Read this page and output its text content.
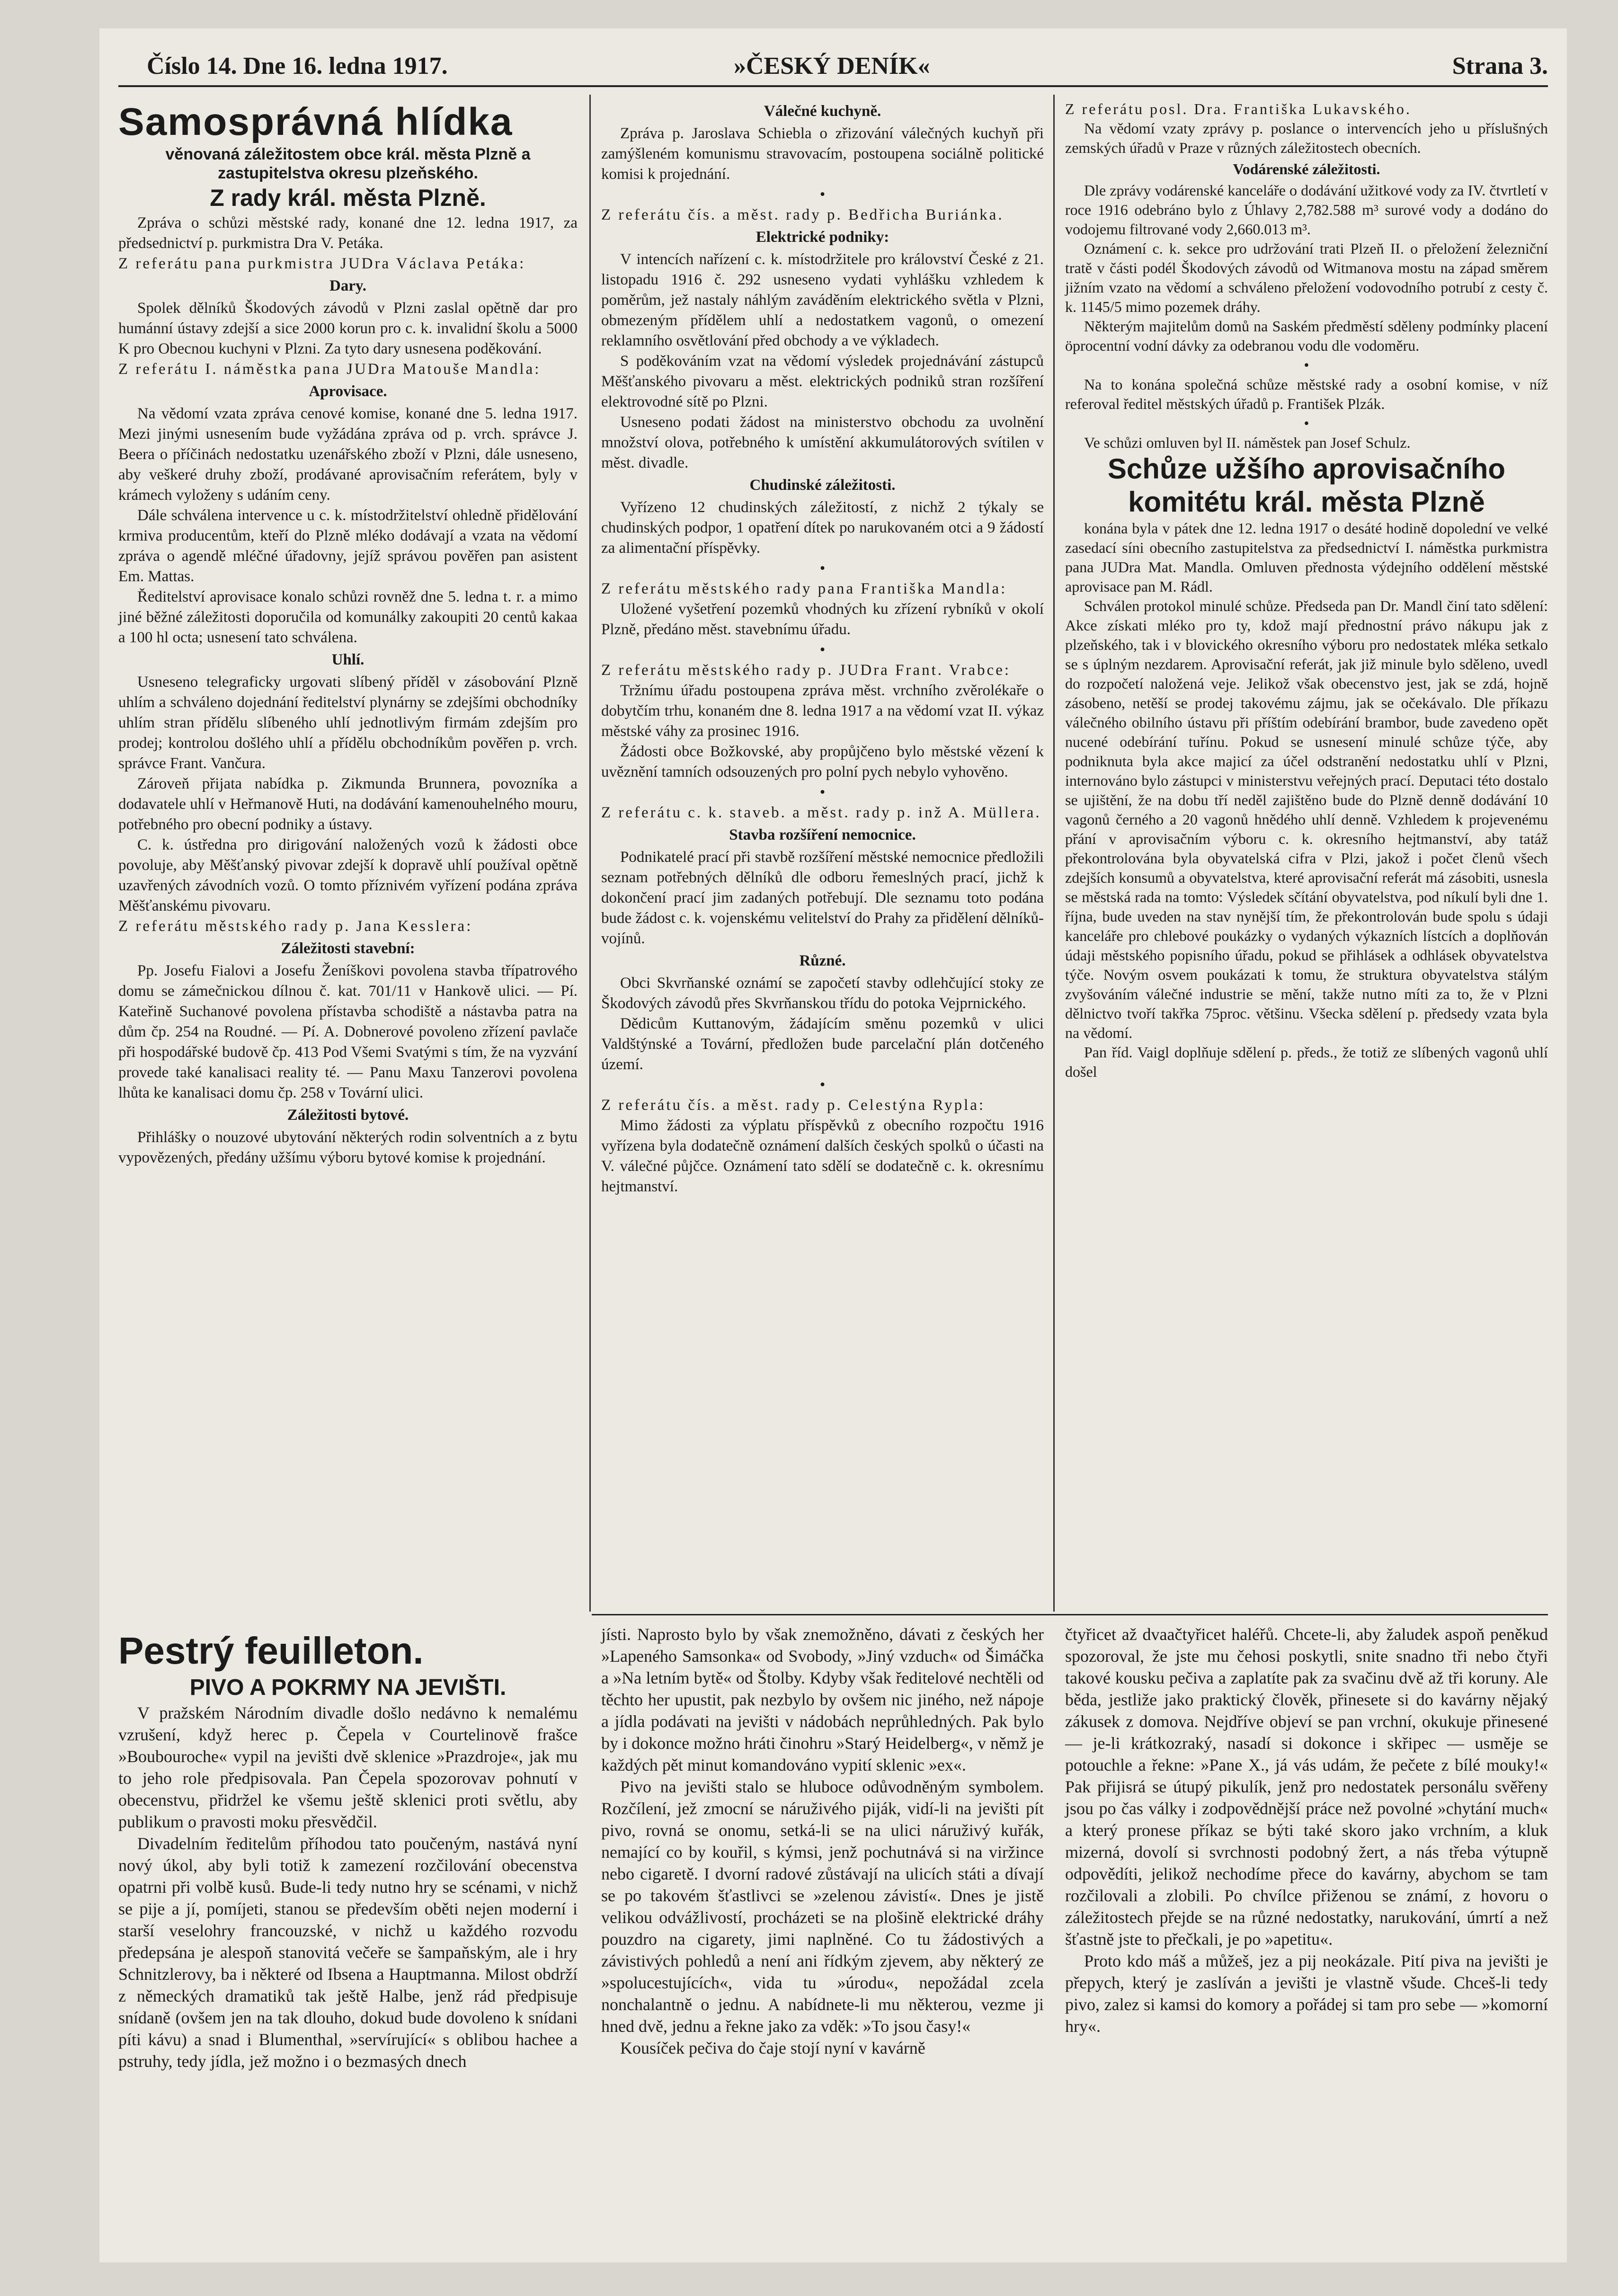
Číslo 14. Dne 16. ledna 1917.	»ČESKÝ DENÍK«	Strana 3.
Samosprávná hlídka
věnovaná záležitostem obce král. města Plzně a zastupitelstva okresu plzeňského.
Z rady král. města Plzně.

Zpráva o schůzi městské rady, konané dne 12. ledna 1917, za předsednictví p. purkmistra Dra V. Petáka.

Z referátu pana purkmistra JUDra Václava Petáka:

Dary.

Spolek dělníků Škodových závodů v Plzni zaslal opětně dar pro humánní ústavy zdejší a sice 2000 korun pro c. k. invalidní školu a 5000 K pro Obecnou kuchyni v Plzni. Za tyto dary usnesena poděkování.

Z referátu I. náměstka pana JUDra Matouše Mandla:

Aprovisace.

Na vědomí vzata zpráva cenové komise, konané dne 5. ledna 1917. Mezi jinými usnesením bude vyžádána zpráva od p. vrch. správce J. Beera o příčinách nedostatku uzenářského zboží v Plzni, dále usneseno, aby veškeré druhy zboží, prodávané aprovisačním referátem, byly v krámech vyloženy s udáním ceny.

Dále schválena intervence u c. k. místodržitelství ohledně přidělování krmiva producentům, kteří do Plzně mléko dodávají a vzata na vědomí zpráva o agendě mléčné úřadovny, jejíž správou pověřen pan asistent Em. Mattas.

Ředitelství aprovisace konalo schůzi rovněž dne 5. ledna t. r. a mimo jiné běžné záležitosti doporučila od komunálky zakoupiti 20 centů kakaa a 100 hl octa; usnesení tato schválena.

Uhlí.

Usneseno telegraficky urgovati slíbený příděl v zásobování Plzně uhlím a schváleno dojednání ředitelství plynárny se zdejšími obchodníky uhlím stran přídělu slíbeného uhlí jednotlivým firmám zdejším pro prodej; kontrolou došlého uhlí a přídělu obchodníkům pověřen p. vrch. správce Frant. Vančura.

Zároveň přijata nabídka p. Zikmunda Brunnera, povozníka a dodavatele uhlí v Heřmanově Huti, na dodávání kamenouhelného mouru, potřebného pro obecní podniky a ústavy.

C. k. ústředna pro dirigování naložených vozů k žádosti obce povoluje, aby Měšťanský pivovar zdejší k dopravě uhlí používal opětně uzavřených závodních vozů. O tomto příznivém vyřízení podána zpráva Měšťanskému pivovaru.

Z referátu městského rady p. Jana Kesslera:

Záležitosti stavební:

Pp. Josefu Fialovi a Josefu Ženíškovi povolena stavba třípatrového domu se zámečnickou dílnou č. kat. 701/11 v Hankově ulici. — Pí. Kateřině Suchanové povolena přístavba schodiště a nástavba patra na dům čp. 254 na Roudné. — Pí. A. Dobnerové povoleno zřízení pavlače při hospodářské budově čp. 413 Pod Všemi Svatými s tím, že na vyzvání provede také kanalisaci reality té. — Panu Maxu Tanzerovi povolena lhůta ke kanalisaci domu čp. 258 v Tovární ulici.

Záležitosti bytové.

Přihlášky o nouzové ubytování některých rodin solventních a z bytu vypovězených, předány užšímu výboru bytové komise k projednání.

Válečné kuchyně.

Zpráva p. Jaroslava Schiebla o zřizování válečných kuchyň při zamýšleném komunismu stravovacím, postoupena sociálně politické komisi k projednání.

•

Z referátu čís. a měst. rady p. Bedřicha Buriánka.

Elektrické podniky:

V intencích nařízení c. k. místodržitele pro království České z 21. listopadu 1916 č. 292 usneseno vydati vyhlášku vzhledem k poměrům, jež nastaly náhlým zaváděním elektrického světla v Plzni, obmezeným přídělem uhlí a nedostatkem vagonů, o omezení reklamního osvětlování před obchody a ve výkladech.

S poděkováním vzat na vědomí výsledek projednávání zástupců Měšťanského pivovaru a měst. elektrických podniků stran rozšíření elektrovodné sítě po Plzni.

Usneseno podati žádost na ministerstvo obchodu za uvolnění množství olova, potřebného k umístění akkumulátorových svítilen v měst. divadle.

Chudinské záležitosti.

Vyřízeno 12 chudinských záležitostí, z nichž 2 týkaly se chudinských podpor, 1 opatření dítek po narukovaném otci a 9 žádostí za alimentační příspěvky.

•

Z referátu městského rady pana Františka Mandla:

Uložené vyšetření pozemků vhodných ku zřízení rybníků v okolí Plzně, předáno měst. stavebnímu úřadu.

•

Z referátu městského rady p. JUDra Frant. Vrabce:

Tržnímu úřadu postoupena zpráva měst. vrchního zvěrolékaře o dobytčím trhu, konaném dne 8. ledna 1917 a na vědomí vzat II. výkaz městské váhy za prosinec 1916.

Žádosti obce Božkovské, aby propůjčeno bylo městské vězení k uvěznění tamních odsouzených pro polní pych nebylo vyhověno.

•

Z referátu c. k. staveb. a měst. rady p. inž A. Müllera.

Stavba rozšíření nemocnice.

Podnikatelé prací při stavbě rozšíření městské nemocnice předložili seznam potřebných dělníků dle odboru řemeslných prací, jichž k dokončení prací jim zadaných potřebují. Dle seznamu toto podána bude žádost c. k. vojenskému velitelství do Prahy za přidělení dělníků-vojínů.

Různé.

Obci Skvrňanské oznámí se započetí stavby odlehčující stoky ze Škodových závodů přes Skvrňanskou třídu do potoka Vejprnického.

Dědicům Kuttanovým, žádajícím směnu pozemků v ulici Valdštýnské a Tovární, předložen bude parcelační plán dotčeného území.

•

Z referátu čís. a měst. rady p. Celestýna Rypla:

Mimo žádosti za výplatu příspěvků z obecního rozpočtu 1916 vyřízena byla dodatečně oznámení dalších českých spolků o účasti na V. válečné půjčce. Oznámení tato sdělí se dodatečně c. k. okresnímu hejtmanství.

Z referátu posl. Dra. Františka Lukavského.

Na vědomí vzaty zprávy p. poslance o intervencích jeho u příslušných zemských úřadů v Praze v různých záležitostech obecních.

Vodárenské záležitosti.

Dle zprávy vodárenské kanceláře o dodávání užitkové vody za IV. čtvrtletí v roce 1916 odebráno bylo z Úhlavy 2,782.588 m³ surové vody a dodáno do vodojemu filtrované vody 2,660.013 m³.

Oznámení c. k. sekce pro udržování trati Plzeň II. o přeložení železniční tratě v části podél Škodových závodů od Witmanova mostu na západ směrem jižním vzato na vědomí a schváleno přeložení vodovodního potrubí z cesty č. k. 1145/5 mimo pozemek dráhy.

Některým majitelům domů na Saském předměstí sděleny podmínky placení öprocentní vodní dávky za odebranou vodu dle vodoměru.

•

Na to konána společná schůze městské rady a osobní komise, v níž referoval ředitel městských úřadů p. František Plzák.

•

Ve schůzi omluven byl II. náměstek pan Josef Schulz.

Schůze užšího aprovisačního komitétu král. města Plzně

konána byla v pátek dne 12. ledna 1917 o desáté hodině dopolední ve velké zasedací síni obecního zastupitelstva za předsednictví I. náměstka purkmistra pana JUDra Mat. Mandla. Omluven přednosta výdejního oddělení městské aprovisace pan M. Rádl.

Schválen protokol minulé schůze. Předseda pan Dr. Mandl činí tato sdělení: Akce získati mléko pro ty, kdož mají přednostní právo nákupu jak z plzeňského, tak i v blovického okresního výboru pro nedostatek mléka setkalo se s úplným nezdarem. Aprovisační referát, jak již minule bylo sděleno, uvedl do rozpočetí naložená veje. Jelikož však obecenstvo jest, jak se zdá, hojně zásobeno, netěší se prodej takovému zájmu, jak se očekávalo. Dle příkazu válečného obilního ústavu při příštím odebírání brambor, bude zavedeno opět nucené odebírání tuřínu. Pokud se usnesení minulé schůze týče, aby podniknuta byla akce majicí za účel odstranění nedostatku uhlí v Plzni, internováno bylo zástupci v ministerstvu veřejných prací. Deputaci této dostalo se ujištění, že na dobu tří neděl zajištěno bude do Plzně denně dodávání 10 vagonů černého a 20 vagonů hnědého uhlí denně. Vzhledem k projevenému přání v aprovisačním výboru c. k. okresního hejtmanství, aby tatáž překontrolována byla obyvatelská cifra v Plzi, jakož i počet členů všech zdejších konsumů a obyvatelstva, které aprovisační referát má zásobiti, usnesla se městská rada na tomto: Výsledek sčítání obyvatelstva, pod níkulí byli dne 1. října, bude uveden na stav nynější tím, že překontrolován bude spolu s údaji kanceláře pro chlebové poukázky o vydaných výkazních lístcích a doplňován údaji městského popisního úřadu, pokud se přihlásek a odhlásek obyvatelstva týče. Novým osvem poukázati k tomu, že struktura obyvatelstva stálým zvyšováním válečné industrie se mění, takže nutno míti za to, že v Plzni dělnictvo tvoří takřka 75proc. většinu. Všecka sdělení p. předsedy vzata byla na vědomí.

Pan říd. Vaigl doplňuje sdělení p. předs., že totiž ze slíbených vagonů uhlí došel

Pestrý feuilleton.
PIVO A POKRMY NA JEVIŠTI.

V pražském Národním divadle došlo nedávno k nemalému vzrušení, když herec p. Čepela v Courtelinově frašce »Boubouroche« vypil na jevišti dvě sklenice »Prazdroje«, jak mu to jeho role předpisovala. Pan Čepela spozorovav pohnutí v obecenstvu, přidržel ke všemu ještě sklenici proti světlu, aby publikum o pravosti moku přesvědčil.

Divadelním ředitelům příhodou tato poučeným, nastává nyní nový úkol, aby byli totiž k zamezení rozčilování obecenstva opatrni při volbě kusů. Bude-li tedy nutno hry se scénami, v nichž se pije a jí, pomíjeti, stanou se především oběti nejen moderní i starší veselohry francouzské, v nichž u každého rozvodu předepsána je alespoň stanovitá večeře se šampaňským, ale i hry Schnitzlerovy, ba i některé od Ibsena a Hauptmanna. Milost obdrží z německých dramatiků tak ještě Halbe, jenž rád předpisuje snídaně (ovšem jen na tak dlouho, dokud bude dovoleno k snídani píti kávu) a snad i Blumenthal, »servírující« s oblibou hachee a pstruhy, tedy jídla, jež možno i o bezmasých dnech

jísti. Naprosto bylo by však znemožněno, dávati z českých her »Lapeného Samsonka« od Svobody, »Jiný vzduch« od Šimáčka a »Na letním bytě« od Štolby. Kdyby však ředitelové nechtěli od těchto her upustit, pak nezbylo by ovšem nic jiného, než nápoje a jídla podávati na jevišti v nádobách neprůhledných. Pak bylo by i dokonce možno hráti činohru »Starý Heidelberg«, v němž je každých pět minut komandováno vypití sklenic »ex«.

Pivo na jevišti stalo se hluboce odůvodněným symbolem. Rozčílení, jež zmocní se náruživého piják, vidí-li na jevišti pít pivo, rovná se onomu, setká-li se na ulici náruživý kuřák, nemající co by kouřil, s kýmsi, jenž pochutnává si na viržince nebo cigaretě. I dvorní radové zůstávají na ulicích státi a dívají se po takovém šťastlivci se »zelenou závistí«. Dnes je jistě velikou odvážlivostí, procházeti se na plošině elektrické dráhy pouzdro na cigarety, jimi naplněné. Co tu žádostivých a závistivých pohledů a není ani řídkým zjevem, aby některý ze »spolucestujících«, vida tu »úrodu«, nepožádal zcela nonchalantně o jednu. A nabídnete-li mu některou, vezme ji hned dvě, jednu a řekne jako za vděk: »To jsou časy!«

Kousíček pečiva do čaje stojí nyní v kavárně

čtyřicet až dvaačtyřicet haléřů. Chcete-li, aby žaludek aspoň peněkud spozoroval, že jste mu čehosi poskytli, snite snadno tři nebo čtyři takové kousku pečiva a zaplatíte pak za svačinu dvě až tři koruny. Ale běda, jestliže jako praktický člověk, přinesete si do kavárny nějaký zákusek z domova. Nejdříve objeví se pan vrchní, okukuje přinesené — je-li krátkozraký, nasadí si dokonce i skřipec — usměje se potouchle a řekne: »Pane X., já vás udám, že pečete z bílé mouky!« Pak přijisrá se útupý pikulík, jenž pro nedostatek personálu svěřeny jsou po čas války i zodpovědnější práce než povolné »chytání much« a který pronese příkaz se býti také skoro jako vrchním, a kluk mizerná, dovolí si svrchnosti podobný žert, a nás třeba výtupně odpovědíti, jelikož nechodíme přece do kavárny, abychom se tam rozčilovali a zlobili. Po chvílce přiženou se známí, z hovoru o záležitostech přejde se na různé nedostatky, narukování, úmrtí a než šťastně jste to přečkali, je po »apetitu«.

Proto kdo máš a můžeš, jez a pij neokázale. Pití piva na jevišti je přepych, který je zaslíván a jevišti je vlastně všude. Chceš-li tedy pivo, zalez si kamsi do komory a pořádej si tam pro sebe — »komorní hry«.
